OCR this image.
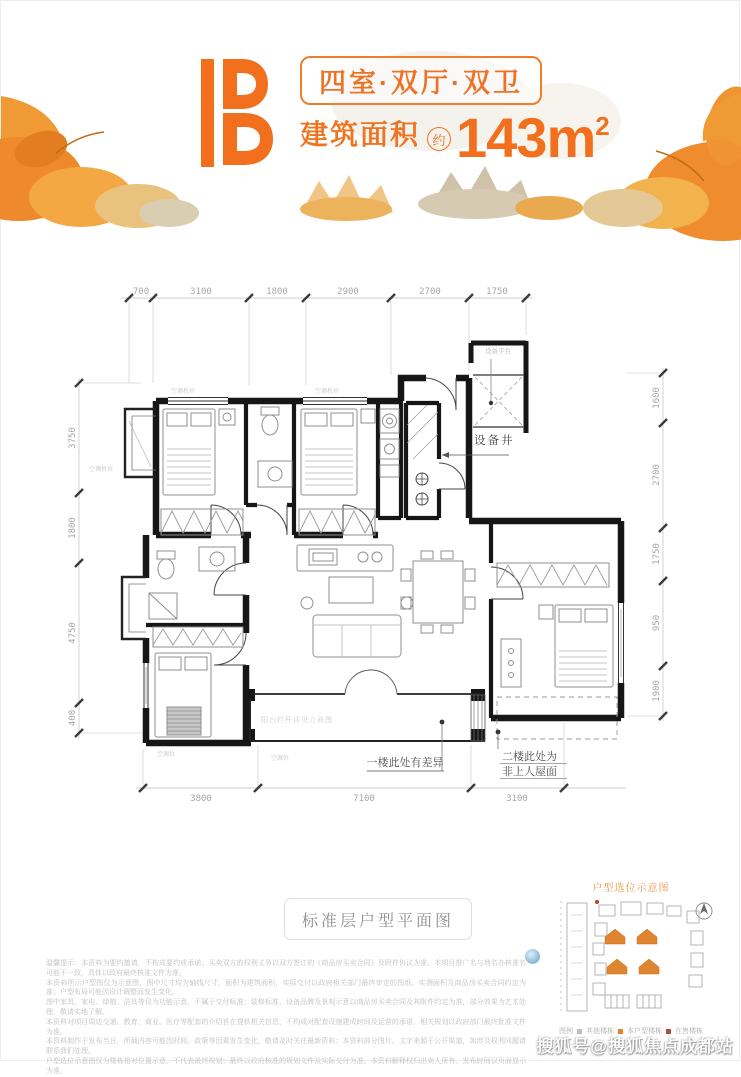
四室·双厅·双卫
建筑面积 约 143m 2
700	3100	1800	2900	2700	1750
3750
1800
4750
400
1600
2700
1750
950
1900
3800	7100	3100
设备平台
设备井
空调机位	空调机位
空调机位
空调位
空调位
阳台栏杆详见立面图
一楼此处有差异	二楼此处为
非上人屋面
标准层户型平面图
户型选位示意图
图例 其他楼栋 本户型楼栋 在售楼栋
温馨提示：本资料为要约邀请，不构成要约或承诺；买卖双方的权利义务以双方签订的《商品房买卖合同》及附件协议为准。本项目推广名与地名办核准名可能不一致，具体以政府最终核准文件为准。
本资料所示户型图仅为示意图，图中尺寸均为轴线尺寸，面积为建筑面积，实际交付以政府相关部门最终审定的图纸、实测面积及商品房买卖合同约定为准；户型布局可能因设计调整而发生变化。
图中家具、家电、绿植、洁具等仅为功能示意，不属于交付标准；装修标准、设备品牌及景观示意以商品房买卖合同及其附件约定为准，部分效果为艺术处理，敬请实地了解。
本资料对项目周边交通、教育、商业、医疗等配套的介绍旨在提供相关信息，不构成对配套设施建成时间及运营的承诺，相关规划以政府部门最终批准文件为准。
本资料制作于发布当日，所载内容可能因时间、政策等因素发生变化，敬请及时关注最新资料；本资料部分图片、文字来源于公开渠道，如涉及权利问题请联系我们处理。
户型选位示意图仅为楼栋相对位置示意，不代表最终规划；最终以政府核准的规划文件及实际交付为准。本资料解释权归出卖人所有。发布时间以页面显示为准。
搜狐号@搜狐焦点成都站
